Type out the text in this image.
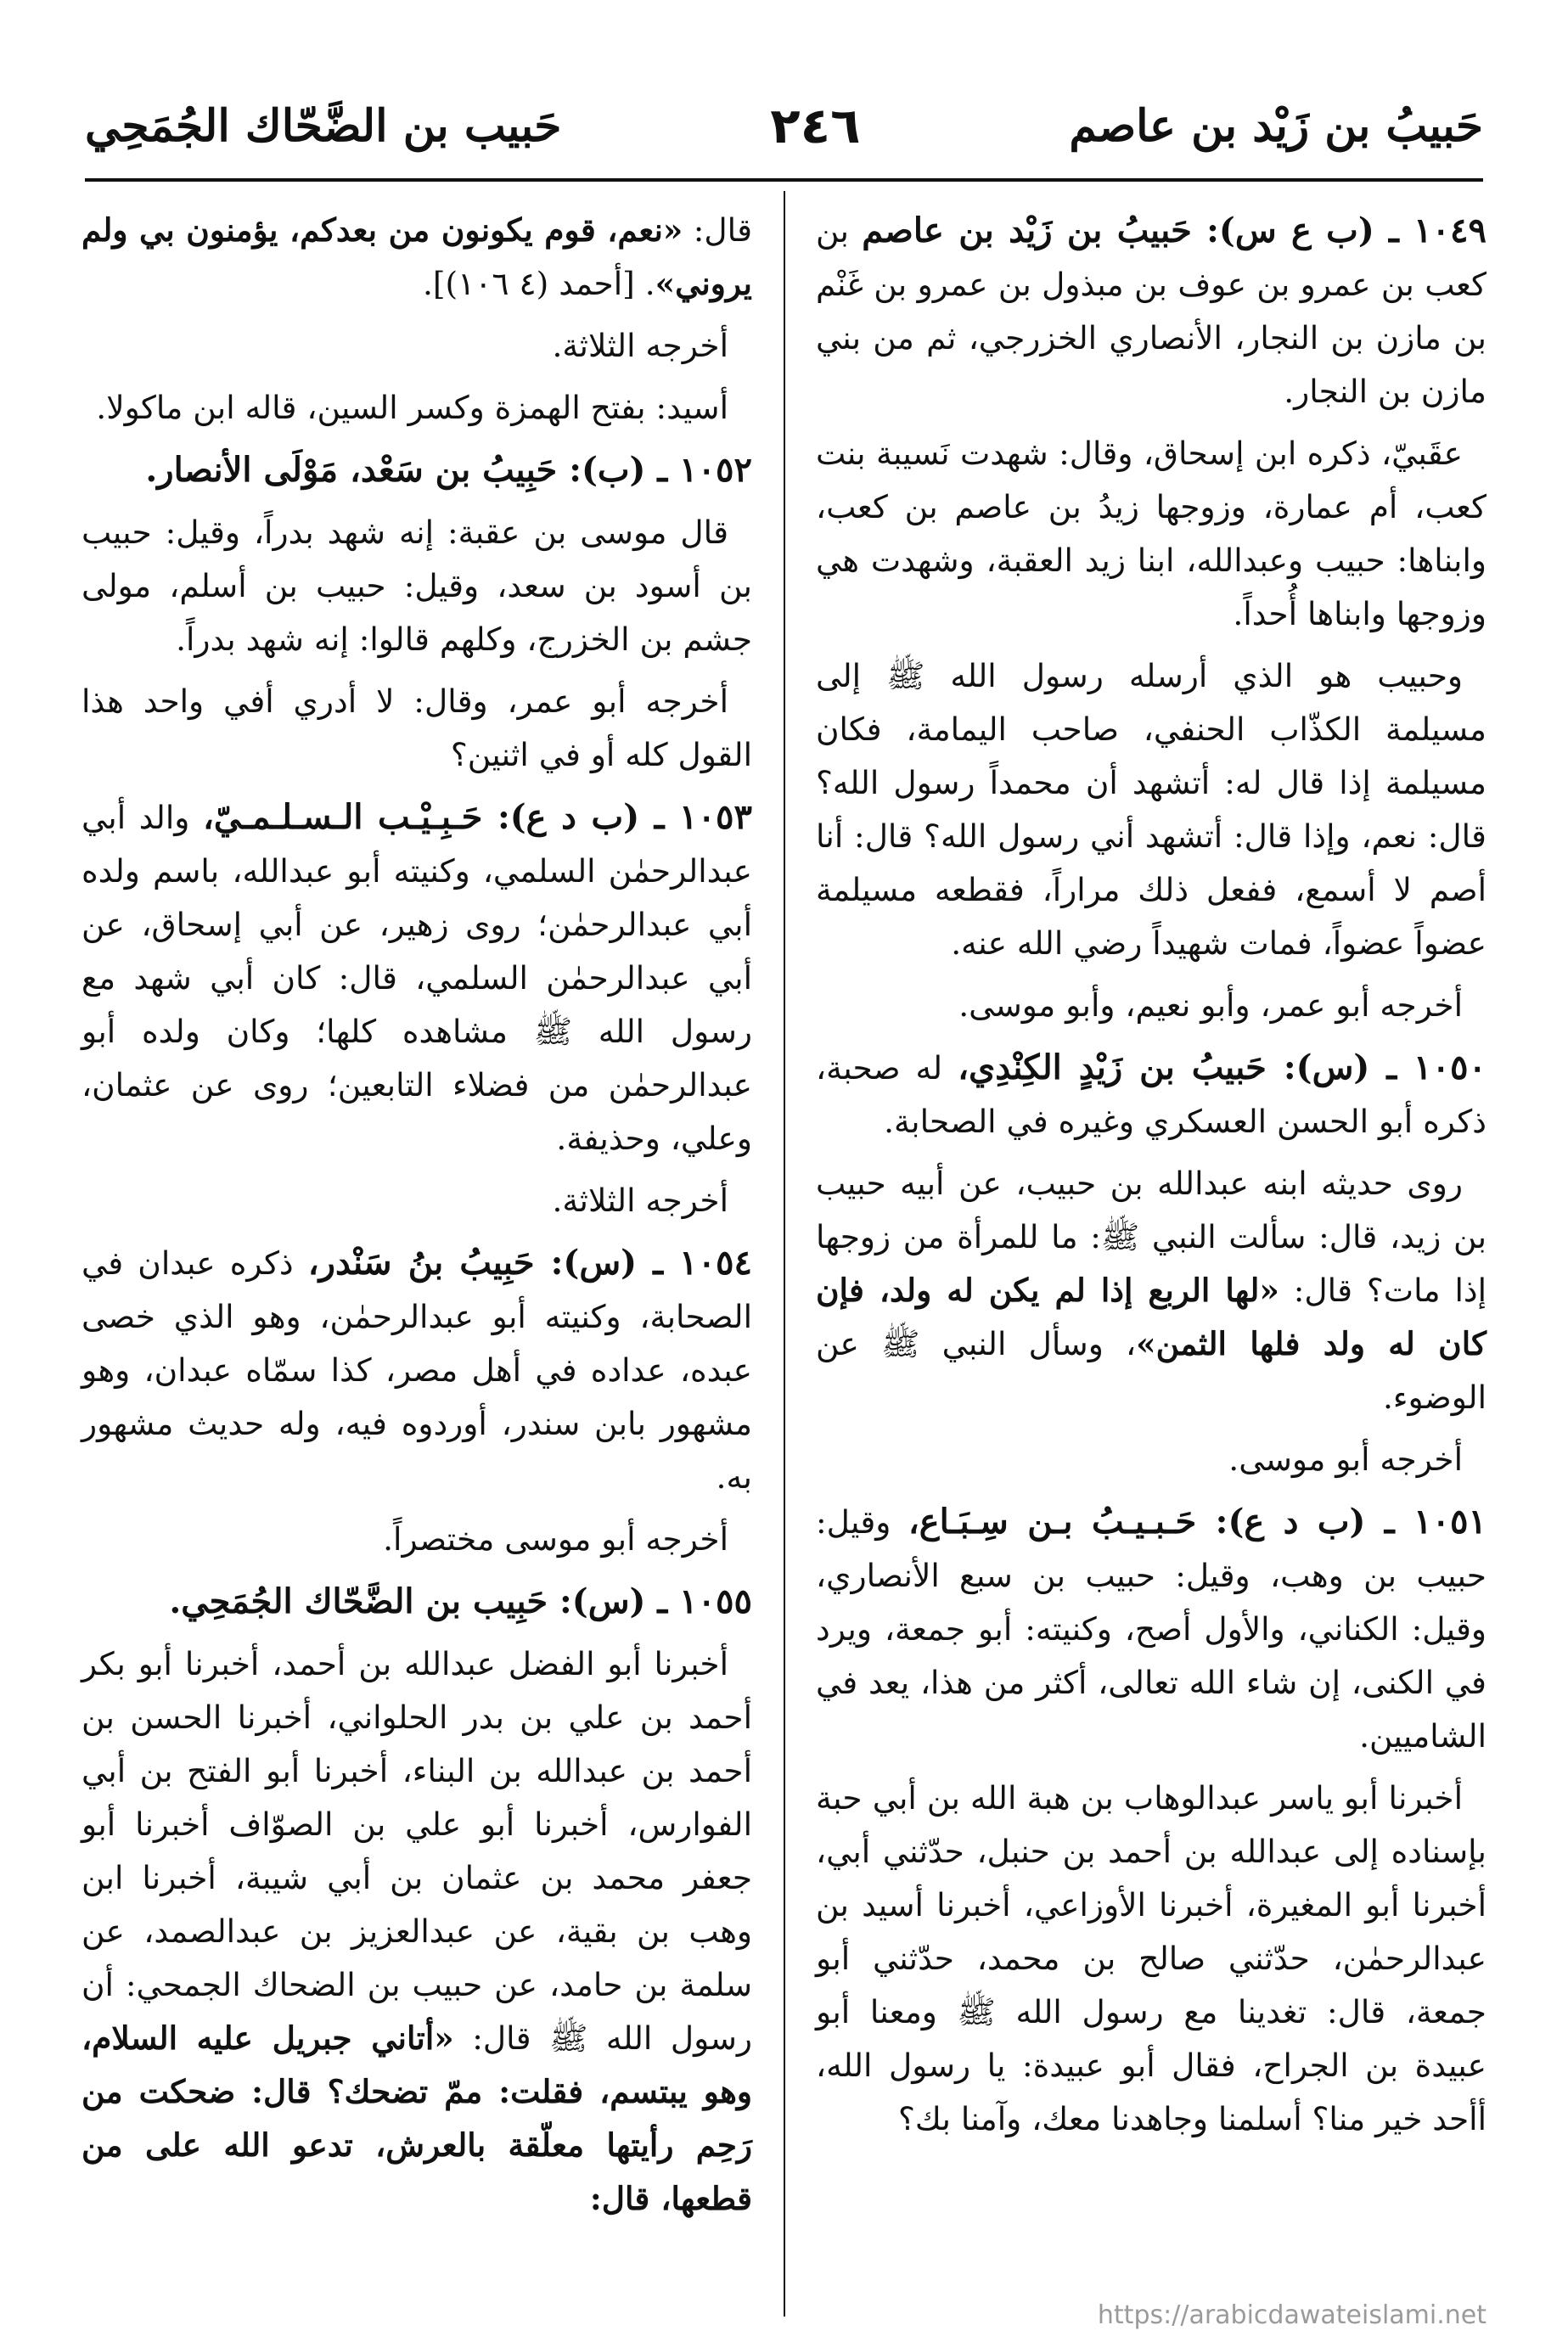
حَبيبُ بن زَيْد بن عاصم
٢٤٦
حَبيب بن الضَّحّاك الجُمَحِي

١٠٤٩ ـ (ب ع س): حَبيبُ بن زَيْد بن عاصم بن كعب بن عمرو بن عوف بن مبذول بن عمرو بن غَنْم بن مازن بن النجار، الأنصاري الخزرجي، ثم من بني مازن بن النجار.

عقَبيّ، ذكره ابن إسحاق، وقال: شهدت نَسيبة بنت كعب، أم عمارة، وزوجها زيدُ بن عاصم بن كعب، وابناها: حبيب وعبدالله، ابنا زيد العقبة، وشهدت هي وزوجها وابناها أُحداً.

وحبيب هو الذي أرسله رسول الله ﷺ إلى مسيلمة الكذّاب الحنفي، صاحب اليمامة، فكان مسيلمة إذا قال له: أتشهد أن محمداً رسول الله؟ قال: نعم، وإذا قال: أتشهد أني رسول الله؟ قال: أنا أصم لا أسمع، ففعل ذلك مراراً، فقطعه مسيلمة عضواً عضواً، فمات شهيداً رضي الله عنه.

أخرجه أبو عمر، وأبو نعيم، وأبو موسى.

١٠٥٠ ـ (س): حَبيبُ بن زَيْدٍ الكِنْدِي، له صحبة، ذكره أبو الحسن العسكري وغيره في الصحابة.

روى حديثه ابنه عبدالله بن حبيب، عن أبيه حبيب بن زيد، قال: سألت النبي ﷺ: ما للمرأة من زوجها إذا مات؟ قال: «لها الربع إذا لم يكن له ولد، فإن كان له ولد فلها الثمن»، وسأل النبي ﷺ عن الوضوء.

أخرجه أبو موسى.

١٠٥١ ـ (ب د ع): حَـبـيـبُ بـن سِـبَـاع، وقيل: حبيب بن وهب، وقيل: حبيب بن سبع الأنصاري، وقيل: الكناني، والأول أصح، وكنيته: أبو جمعة، ويرد في الكنى، إن شاء الله تعالى، أكثر من هذا، يعد في الشاميين.

أخبرنا أبو ياسر عبدالوهاب بن هبة الله بن أبي حبة بإسناده إلى عبدالله بن أحمد بن حنبل، حدّثني أبي، أخبرنا أبو المغيرة، أخبرنا الأوزاعي، أخبرنا أسيد بن عبدالرحمٰن، حدّثني صالح بن محمد، حدّثني أبو جمعة، قال: تغدينا مع رسول الله ﷺ ومعنا أبو عبيدة بن الجراح، فقال أبو عبيدة: يا رسول الله، أأحد خير منا؟ أسلمنا وجاهدنا معك، وآمنا بك؟

قال: «نعم، قوم يكونون من بعدكم، يؤمنون بي ولم يروني». [أحمد (٤ ١٠٦)].

أخرجه الثلاثة.

أسيد: بفتح الهمزة وكسر السين، قاله ابن ماكولا.

١٠٥٢ ـ (ب): حَبِيبُ بن سَعْد، مَوْلَى الأنصار.

قال موسى بن عقبة: إنه شهد بدراً، وقيل: حبيب بن أسود بن سعد، وقيل: حبيب بن أسلم، مولى جشم بن الخزرج، وكلهم قالوا: إنه شهد بدراً.

أخرجه أبو عمر، وقال: لا أدري أفي واحد هذا القول كله أو في اثنين؟

١٠٥٣ ـ (ب د ع): حَـبِـيْـب الـسـلـمـيّ، والد أبي عبدالرحمٰن السلمي، وكنيته أبو عبدالله، باسم ولده أبي عبدالرحمٰن؛ روى زهير، عن أبي إسحاق، عن أبي عبدالرحمٰن السلمي، قال: كان أبي شهد مع رسول الله ﷺ مشاهده كلها؛ وكان ولده أبو عبدالرحمٰن من فضلاء التابعين؛ روى عن عثمان، وعلي، وحذيفة.

أخرجه الثلاثة.

١٠٥٤ ـ (س): حَبِيبُ بنُ سَنْدر، ذكره عبدان في الصحابة، وكنيته أبو عبدالرحمٰن، وهو الذي خصى عبده، عداده في أهل مصر، كذا سمّاه عبدان، وهو مشهور بابن سندر، أوردوه فيه، وله حديث مشهور به.

أخرجه أبو موسى مختصراً.

١٠٥٥ ـ (س): حَبِيب بن الضَّحّاك الجُمَحِي.

أخبرنا أبو الفضل عبدالله بن أحمد، أخبرنا أبو بكر أحمد بن علي بن بدر الحلواني، أخبرنا الحسن بن أحمد بن عبدالله بن البناء، أخبرنا أبو الفتح بن أبي الفوارس، أخبرنا أبو علي بن الصوّاف أخبرنا أبو جعفر محمد بن عثمان بن أبي شيبة، أخبرنا ابن وهب بن بقية، عن عبدالعزيز بن عبدالصمد، عن سلمة بن حامد، عن حبيب بن الضحاك الجمحي: أن رسول الله ﷺ قال: «أتاني جبريل عليه السلام، وهو يبتسم، فقلت: ممّ تضحك؟ قال: ضحكت من رَحِم رأيتها معلّقة بالعرش، تدعو الله على من قطعها، قال:

https://arabicdawateislami.net
